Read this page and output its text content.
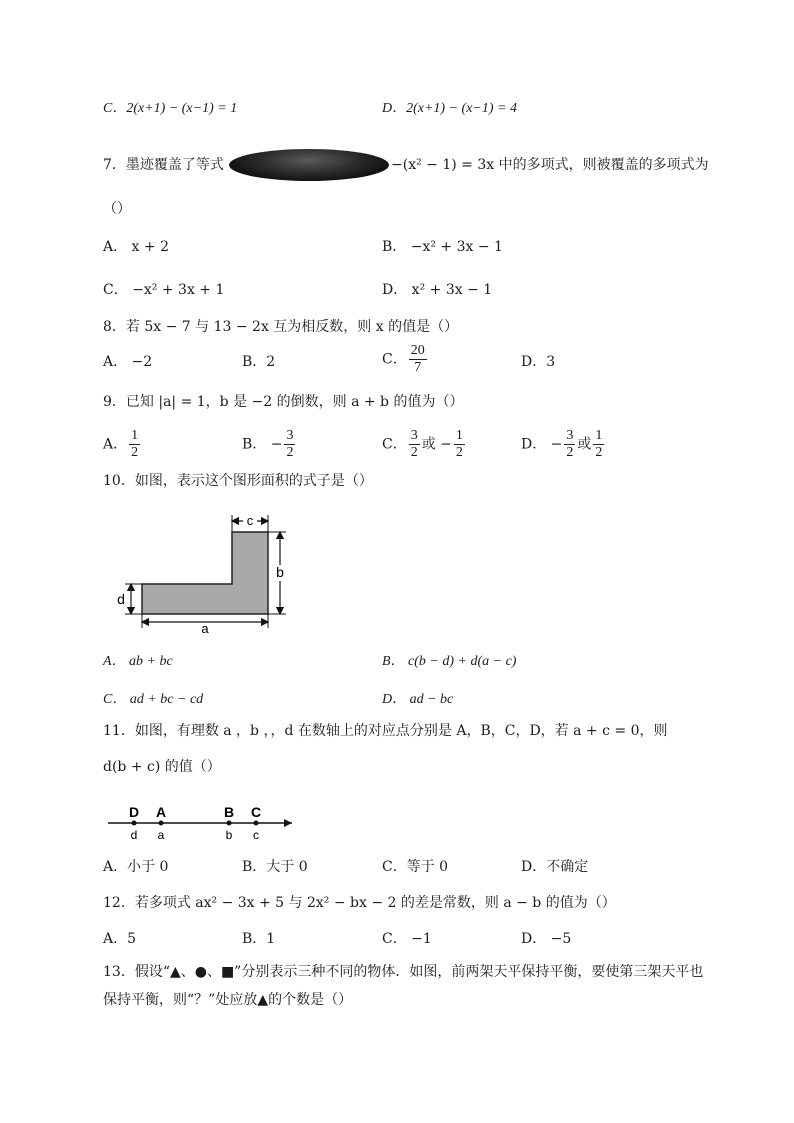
C．2(x+1) − (x−1) = 1	D．2(x+1) − (x−1) = 4
7．墨迹覆盖了等式	−(x² − 1) = 3x 中的多项式，则被覆盖的多项式为
（）
A． x + 2	B． −x² + 3x − 1
C． −x² + 3x + 1	D． x² + 3x − 1
8．若 5x − 7 与 13 − 2x 互为相反数，则 x 的值是（）
A． −2	B．2	C． $\frac{20}{7}$	D．3
9．已知 |a| = 1，b 是 −2 的倒数，则 a + b 的值为（）
A． $\frac{1}{2}$	B． − $\frac{3}{2}$	C． $\frac{3}{2}$ 或 − $\frac{1}{2}$	D． − $\frac{3}{2}$ 或 $\frac{1}{2}$
10．如图，表示这个图形面积的式子是（）
c
b
d
a
A． ab + bc	B． c(b − d) + d(a − c)
C． ad + bc − cd	D． ad − bc
11．如图，有理数 a ，b ，，d 在数轴上的对应点分别是 A，B，C，D，若 a + c = 0，则
d(b + c) 的值（）
D A	B C
d a	b c
A．小于 0	B．大于 0	C．等于 0	D．不确定
12．若多项式 ax² − 3x + 5 与 2x² − bx − 2 的差是常数，则 a − b 的值为（）
A．5	B．1	C． −1	D． −5
13．假设“▲、●、■”分别表示三种不同的物体．如图，前两架天平保持平衡，要使第三架天平也
保持平衡，则“？”处应放▲的个数是（）
